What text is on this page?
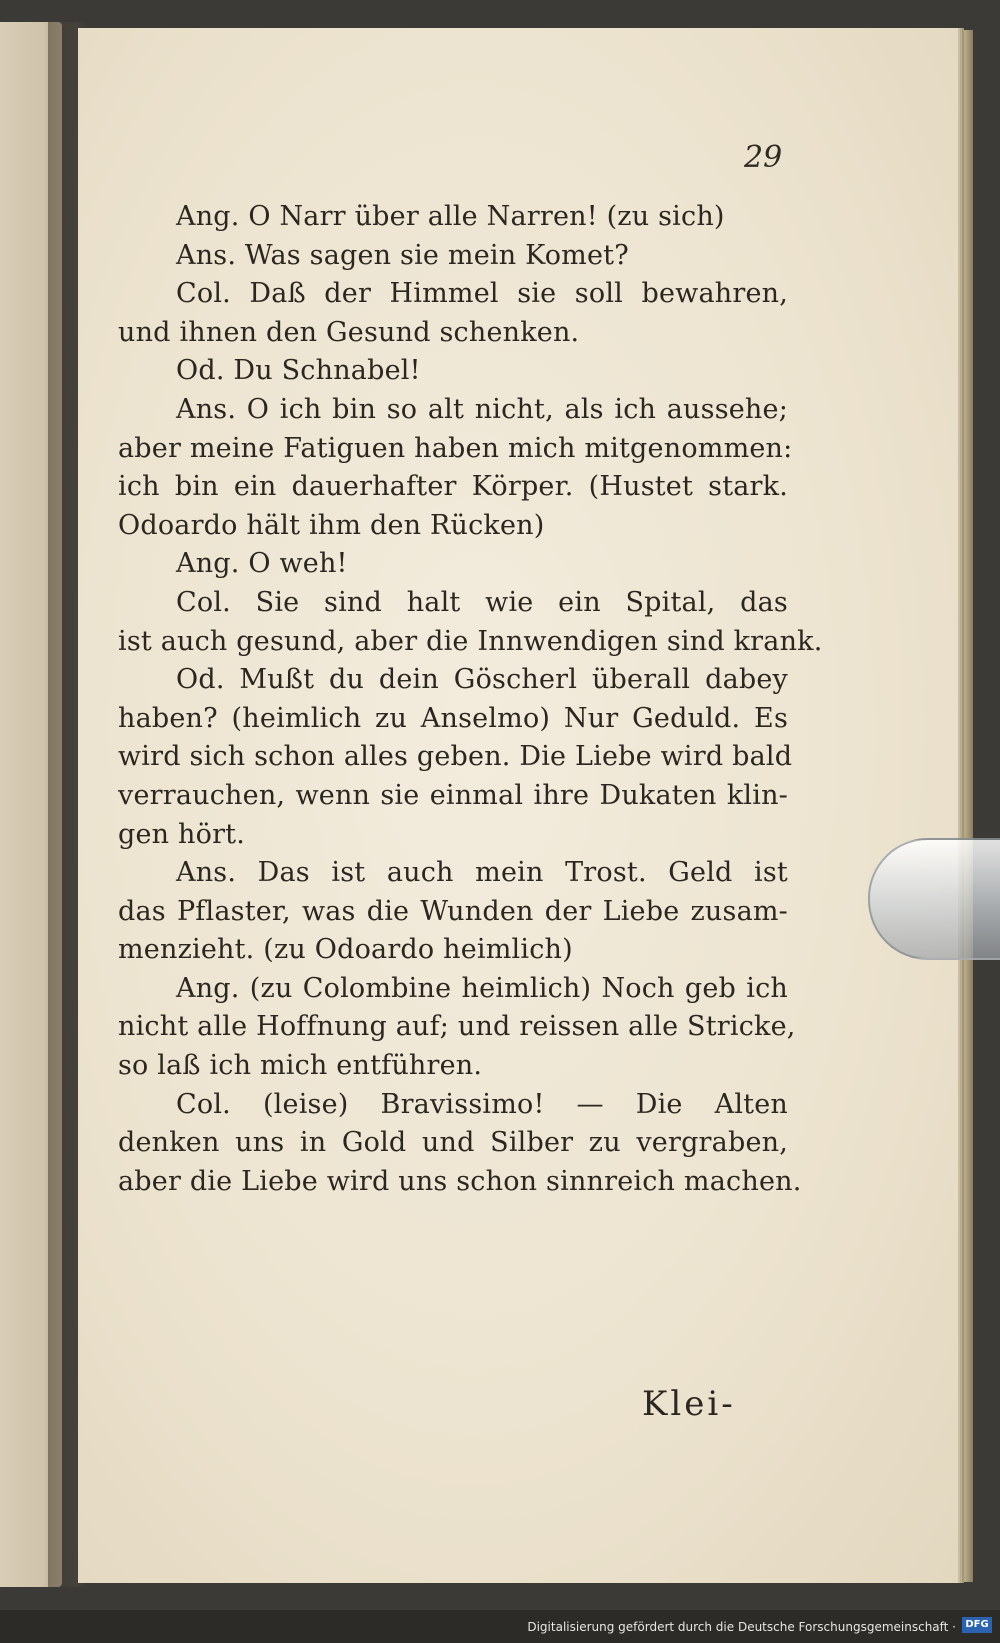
29
Ang. O Narr über alle Narren! (zu sich)
Ans. Was sagen sie mein Komet?
Col. Daß der Himmel sie soll bewahren,
und ihnen den Gesund schenken.
Od. Du Schnabel!
Ans. O ich bin so alt nicht, als ich aussehe;
aber meine Fatiguen haben mich mitgenommen:
ich bin ein dauerhafter Körper. (Hustet stark.
Odoardo hält ihm den Rücken)
Ang. O weh!
Col. Sie sind halt wie ein Spital, das
ist auch gesund, aber die Innwendigen sind krank.
Od. Mußt du dein Göscherl überall dabey
haben? (heimlich zu Anselmo) Nur Geduld. Es
wird sich schon alles geben. Die Liebe wird bald
verrauchen, wenn sie einmal ihre Dukaten klin-
gen hört.
Ans. Das ist auch mein Trost. Geld ist
das Pflaster, was die Wunden der Liebe zusam-
menzieht. (zu Odoardo heimlich)
Ang. (zu Colombine heimlich) Noch geb ich
nicht alle Hoffnung auf; und reissen alle Stricke,
so laß ich mich entführen.
Col. (leise) Bravissimo! — Die Alten
denken uns in Gold und Silber zu vergraben,
aber die Liebe wird uns schon sinnreich machen.
Klei-
Digitalisierung gefördert durch die Deutsche Forschungsgemeinschaft · DFG
